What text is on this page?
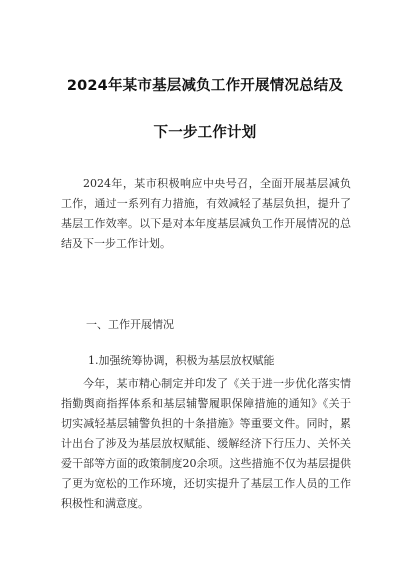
2024年某市基层减负工作开展情况总结及
下一步工作计划

2024年，某市积极响应中央号召，全面开展基层减负工作，通过一系列有力措施，有效减轻了基层负担，提升了基层工作效率。以下是对本年度基层减负工作开展情况的总结及下一步工作计划。

一、工作开展情况
1.加强统筹协调，积极为基层放权赋能

今年，某市精心制定并印发了《关于进一步优化落实情指勤舆商指挥体系和基层辅警履职保障措施的通知》《关于切实减轻基层辅警负担的十条措施》等重要文件。同时，累计出台了涉及为基层放权赋能、缓解经济下行压力、关怀关爱干部等方面的政策制度20余项。这些措施不仅为基层提供了更为宽松的工作环境，还切实提升了基层工作人员的工作积极性和满意度。
